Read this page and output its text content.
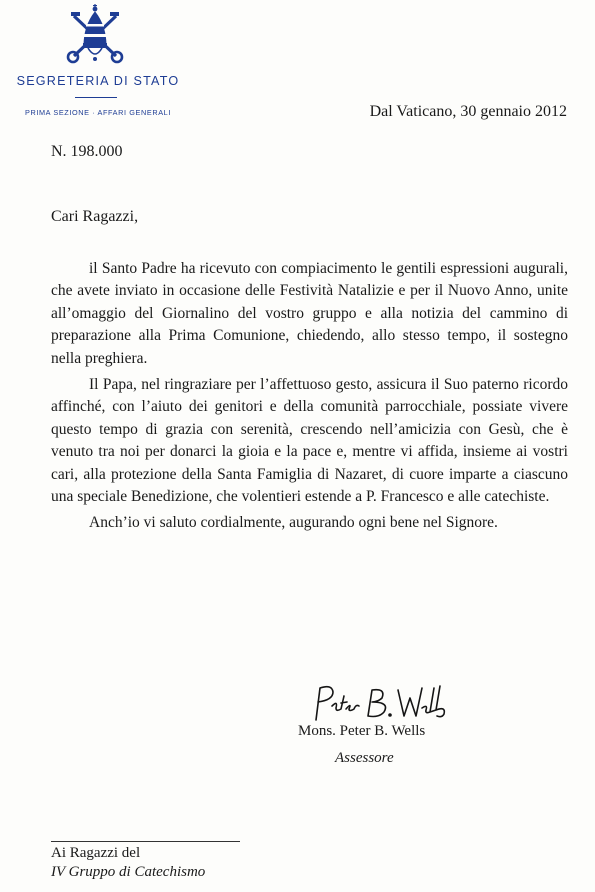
SEGRETERIA DI STATO
PRIMA SEZIONE · AFFARI GENERALI	Dal Vaticano, 30 gennaio 2012
N. 198.000
Cari Ragazzi,

il Santo Padre ha ricevuto con compiacimento le gentili espressioni augurali, che avete inviato in occasione delle Festività Natalizie e per il Nuovo Anno, unite all’omaggio del Giornalino del vostro gruppo e alla notizia del cammino di preparazione alla Prima Comunione, chiedendo, allo stesso tempo, il sostegno nella preghiera.

Il Papa, nel ringraziare per l’affettuoso gesto, assicura il Suo paterno ricordo affinché, con l’aiuto dei genitori e della comunità parrocchiale, possiate vivere questo tempo di grazia con serenità, crescendo nell’amicizia con Gesù, che è venuto tra noi per donarci la gioia e la pace e, mentre vi affida, insieme ai vostri cari, alla protezione della Santa Famiglia di Nazaret, di cuore imparte a ciascuno una speciale Benedizione, che volentieri estende a P. Francesco e alle catechiste.

Anch’io vi saluto cordialmente, augurando ogni bene nel Signore.

Mons. Peter B. Wells
Assessore
Ai Ragazzi del
IV Gruppo di Catechismo
